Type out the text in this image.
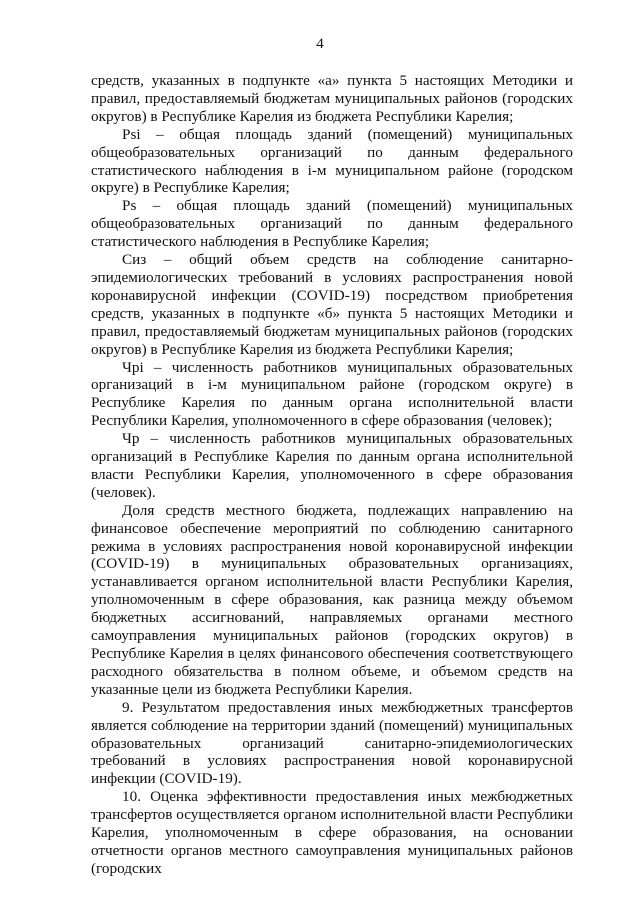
4

средств, указанных в подпункте «а» пункта 5 настоящих Методики и правил, предоставляемый бюджетам муниципальных районов (городских округов) в Республике Карелия из бюджета Республики Карелия;

Psi – общая площадь зданий (помещений) муниципальных общеобразовательных организаций по данным федерального статистического наблюдения в i-м муниципальном районе (городском округе) в Республике Карелия;

Ps – общая площадь зданий (помещений) муниципальных общеобразовательных организаций по данным федерального статистического наблюдения в Республике Карелия;

Сиз – общий объем средств на соблюдение санитарно-эпидемиологических требований в условиях распространения новой коронавирусной инфекции (COVID-19) посредством приобретения средств, указанных в подпункте «б» пункта 5 настоящих Методики и правил, предоставляемый бюджетам муниципальных районов (городских округов) в Республике Карелия из бюджета Республики Карелия;

Чрi – численность работников муниципальных образовательных организаций в i-м муниципальном районе (городском округе) в Республике Карелия по данным органа исполнительной власти Республики Карелия, уполномоченного в сфере образования (человек);

Чр – численность работников муниципальных образовательных организаций в Республике Карелия по данным органа исполнительной власти Республики Карелия, уполномоченного в сфере образования (человек).

Доля средств местного бюджета, подлежащих направлению на финансовое обеспечение мероприятий по соблюдению санитарного режима в условиях распространения новой коронавирусной инфекции (COVID-19) в муниципальных образовательных организациях, устанавливается органом исполнительной власти Республики Карелия, уполномоченным в сфере образования, как разница между объемом бюджетных ассигнований, направляемых органами местного самоуправления муниципальных районов (городских округов) в Республике Карелия в целях финансового обеспечения соответствующего расходного обязательства в полном объеме, и объемом средств на указанные цели из бюджета Республики Карелия.

9. Результатом предоставления иных межбюджетных трансфертов является соблюдение на территории зданий (помещений) муниципальных образовательных организаций санитарно-эпидемиологических требований в условиях распространения новой коронавирусной инфекции (COVID-19).

10. Оценка эффективности предоставления иных межбюджетных трансфертов осуществляется органом исполнительной власти Республики Карелия, уполномоченным в сфере образования, на основании отчетности органов местного самоуправления муниципальных районов (городских
